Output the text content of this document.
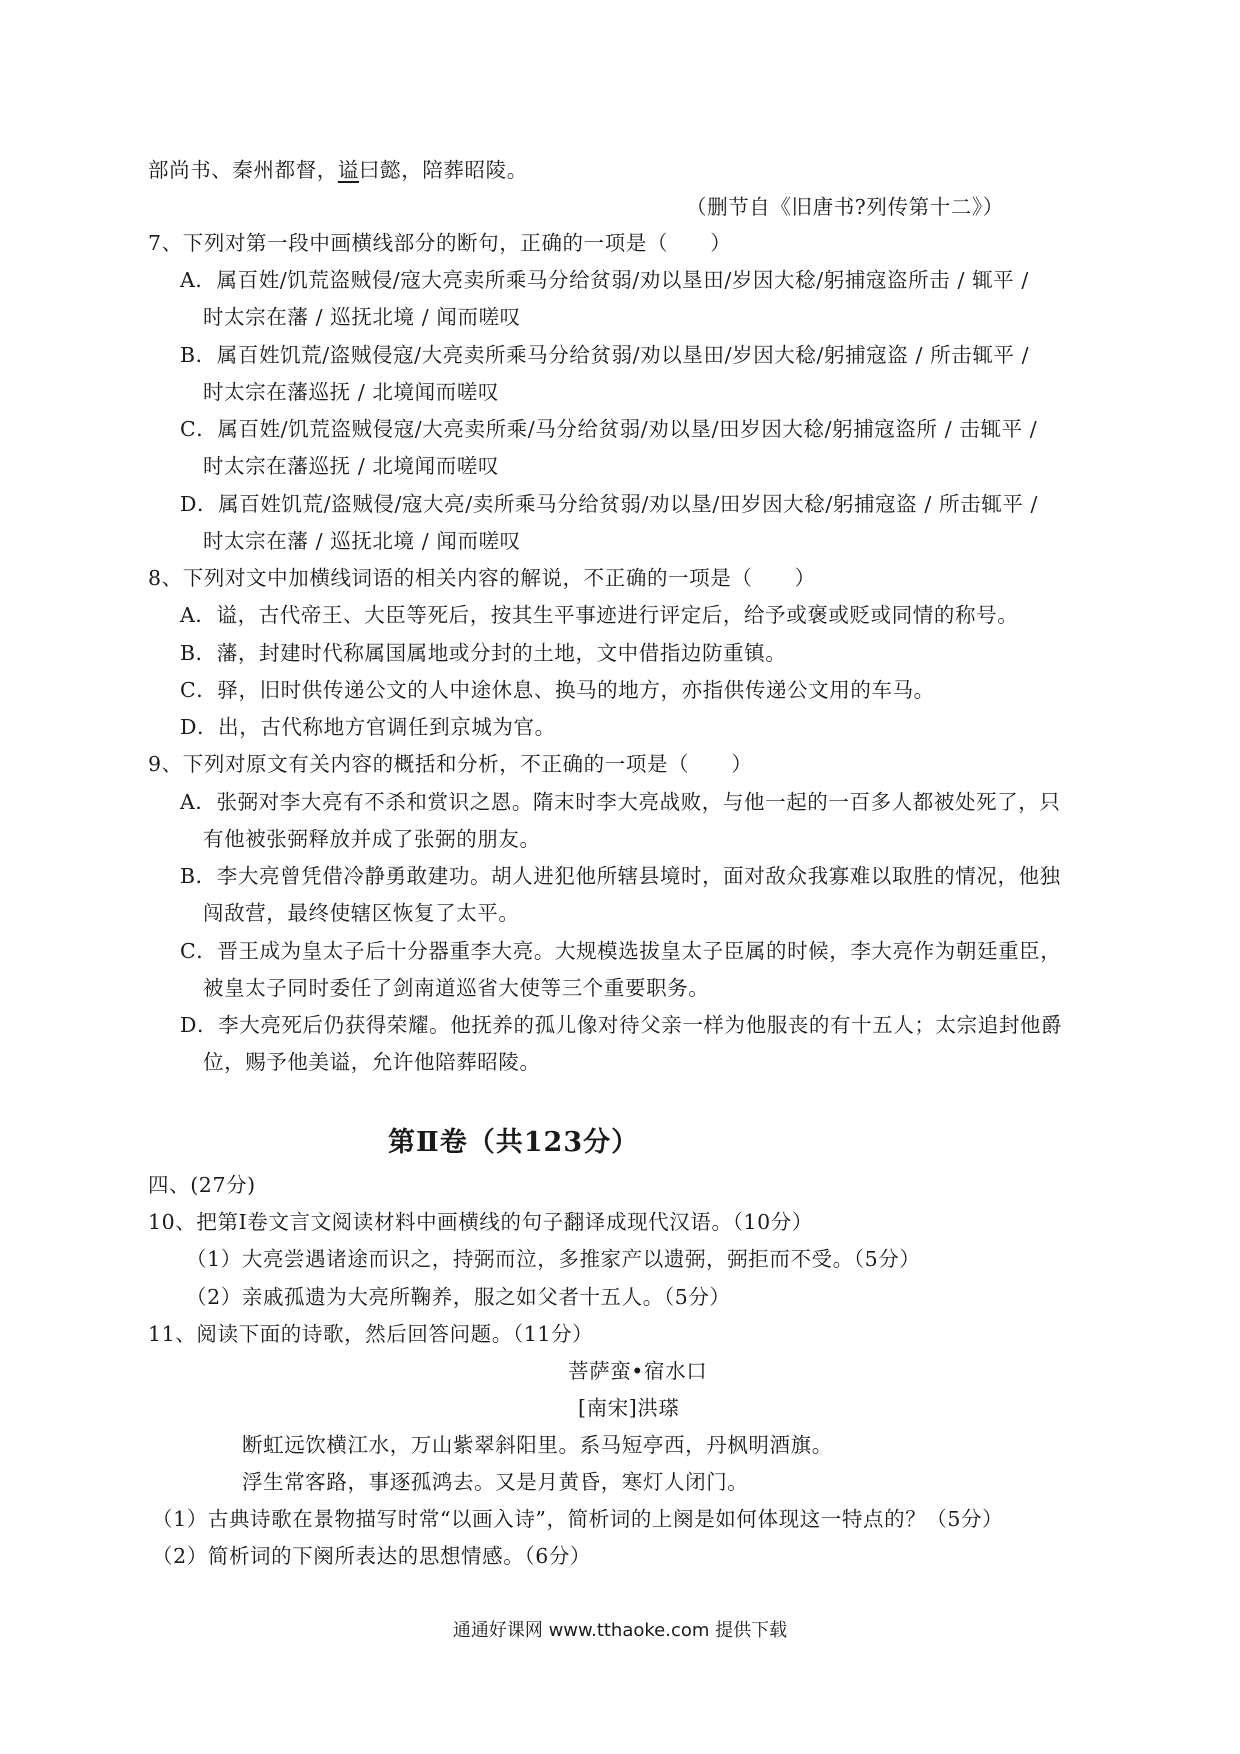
部尚书、秦州都督，谥曰懿，陪葬昭陵。
（删节自《旧唐书?列传第十二》）
7、下列对第一段中画横线部分的断句，正确的一项是（　　）
A．属百姓/饥荒盗贼侵/寇大亮卖所乘马分给贫弱/劝以垦田/岁因大稔/躬捕寇盗所击 / 辄平 /
时太宗在藩 / 巡抚北境 / 闻而嗟叹
B．属百姓饥荒/盗贼侵寇/大亮卖所乘马分给贫弱/劝以垦田/岁因大稔/躬捕寇盗 / 所击辄平 /
时太宗在藩巡抚 / 北境闻而嗟叹
C．属百姓/饥荒盗贼侵寇/大亮卖所乘/马分给贫弱/劝以垦/田岁因大稔/躬捕寇盗所 / 击辄平 /
时太宗在藩巡抚 / 北境闻而嗟叹
D．属百姓饥荒/盗贼侵/寇大亮/卖所乘马分给贫弱/劝以垦/田岁因大稔/躬捕寇盗 / 所击辄平 /
时太宗在藩 / 巡抚北境 / 闻而嗟叹
8、下列对文中加横线词语的相关内容的解说，不正确的一项是（　　）
A．谥，古代帝王、大臣等死后，按其生平事迹进行评定后，给予或褒或贬或同情的称号。
B．藩，封建时代称属国属地或分封的土地，文中借指边防重镇。
C．驿，旧时供传递公文的人中途休息、换马的地方，亦指供传递公文用的车马。
D．出，古代称地方官调任到京城为官。
9、下列对原文有关内容的概括和分析，不正确的一项是（　　）
A．张弼对李大亮有不杀和赏识之恩。隋末时李大亮战败，与他一起的一百多人都被处死了，只
有他被张弼释放并成了张弼的朋友。
B．李大亮曾凭借冷静勇敢建功。胡人进犯他所辖县境时，面对敌众我寡难以取胜的情况，他独
闯敌营，最终使辖区恢复了太平。
C．晋王成为皇太子后十分器重李大亮。大规模选拔皇太子臣属的时候，李大亮作为朝廷重臣，
被皇太子同时委任了剑南道巡省大使等三个重要职务。
D．李大亮死后仍获得荣耀。他抚养的孤儿像对待父亲一样为他服丧的有十五人；太宗追封他爵
位，赐予他美谥，允许他陪葬昭陵。
第Ⅱ卷（共123分）
四、(27分)
10、把第Ⅰ卷文言文阅读材料中画横线的句子翻译成现代汉语。（10分）
（1）大亮尝遇诸途而识之，持弼而泣，多推家产以遗弼，弼拒而不受。（5分）
（2）亲戚孤遗为大亮所鞠养，服之如父者十五人。（5分）
11、阅读下面的诗歌，然后回答问题。（11分）
菩萨蛮•宿水口
[南宋]洪瑹
断虹远饮横江水，万山紫翠斜阳里。系马短亭西，丹枫明酒旗。
浮生常客路，事逐孤鸿去。又是月黄昏，寒灯人闭门。
（1）古典诗歌在景物描写时常“以画入诗”，简析词的上阕是如何体现这一特点的？（5分）
（2）简析词的下阕所表达的思想情感。（6分）
通通好课网 www.tthaoke.com 提供下载
